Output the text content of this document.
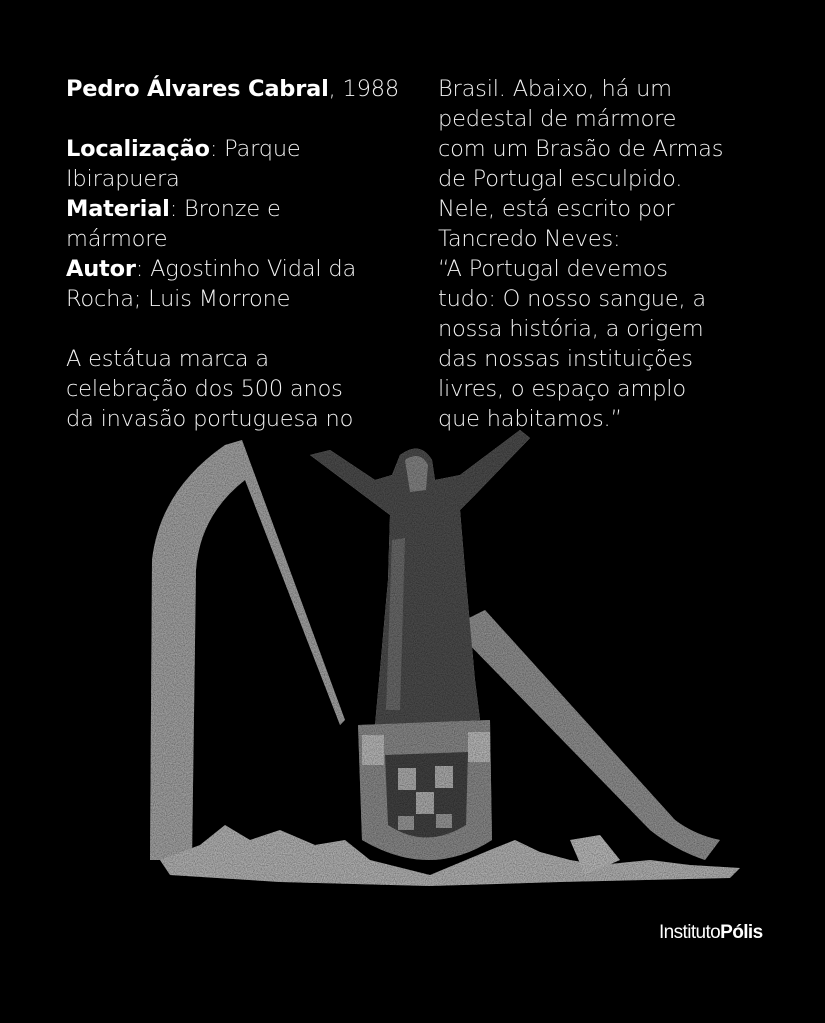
Pedro Álvares Cabral, 1988
Localização: Parque
Ibirapuera
Material: Bronze e
mármore
Autor: Agostinho Vidal da
Rocha; Luis Morrone
A estátua marca a
celebração dos 500 anos
da invasão portuguesa no
Brasil. Abaixo, há um
pedestal de mármore
com um Brasão de Armas
de Portugal esculpido.
Nele, está escrito por
Tancredo Neves:
“A Portugal devemos
tudo: O nosso sangue, a
nossa história, a origem
das nossas instituições
livres, o espaço amplo
que habitamos.”
InstitutoPólis
